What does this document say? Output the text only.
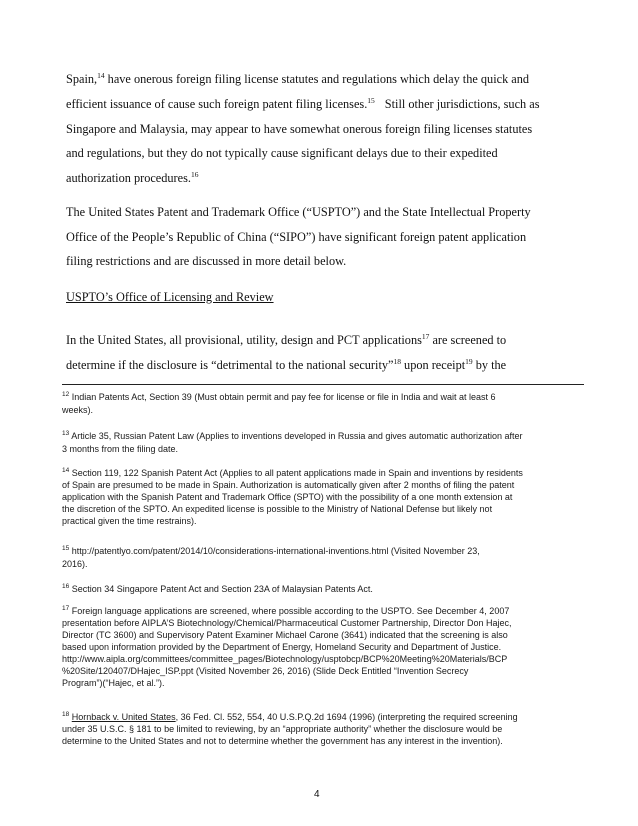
Spain,$^{14}$ have onerous foreign filing license statutes and regulations which delay the quick and

efficient issuance of cause such foreign patent filing licenses.$^{15}$ Still other jurisdictions, such as

Singapore and Malaysia, may appear to have somewhat onerous foreign filing licenses statutes

and regulations, but they do not typically cause significant delays due to their expedited

authorization procedures.$^{16}$

The United States Patent and Trademark Office (“USPTO”) and the State Intellectual Property

Office of the People’s Republic of China (“SIPO”) have significant foreign patent application

filing restrictions and are discussed in more detail below.

USPTO’s Office of Licensing and Review

In the United States, all provisional, utility, design and PCT applications$^{17}$ are screened to

determine if the disclosure is “detrimental to the national security”$^{18}$ upon receipt$^{19}$ by the

$^{12}$ Indian Patents Act, Section 39 (Must obtain permit and pay fee for license or file in India and wait at least 6
weeks).
$^{13}$ Article 35, Russian Patent Law (Applies to inventions developed in Russia and gives automatic authorization after
3 months from the filing date.
$^{14}$ Section 119, 122 Spanish Patent Act (Applies to all patent applications made in Spain and inventions by residents
of Spain are presumed to be made in Spain. Authorization is automatically given after 2 months of filing the patent
application with the Spanish Patent and Trademark Office (SPTO) with the possibility of a one month extension at
the discretion of the SPTO. An expedited license is possible to the Ministry of National Defense but likely not
practical given the time restrains).
$^{15}$ http://patentlyo.com/patent/2014/10/considerations-international-inventions.html (Visited November 23,
2016).
$^{16}$ Section 34 Singapore Patent Act and Section 23A of Malaysian Patents Act.
$^{17}$ Foreign language applications are screened, where possible according to the USPTO. See December 4, 2007
presentation before AIPLA’S Biotechnology/Chemical/Pharmaceutical Customer Partnership, Director Don Hajec,
Director (TC 3600) and Supervisory Patent Examiner Michael Carone (3641) indicated that the screening is also
based upon information provided by the Department of Energy, Homeland Security and Department of Justice.
http://www.aipla.org/committees/committee_pages/Biotechnology/usptobcp/BCP%20Meeting%20Materials/BCP
%20Site/120407/DHajec_ISP.ppt (Visited November 26, 2016) (Slide Deck Entitled “Invention Secrecy
Program”)(“Hajec, et al.”).
$^{18}$ Hornback v. United States, 36 Fed. Cl. 552, 554, 40 U.S.P.Q.2d 1694 (1996) (interpreting the required screening
under 35 U.S.C. § 181 to be limited to reviewing, by an “appropriate authority” whether the disclosure would be
determine to the United States and not to determine whether the government has any interest in the invention).
4
